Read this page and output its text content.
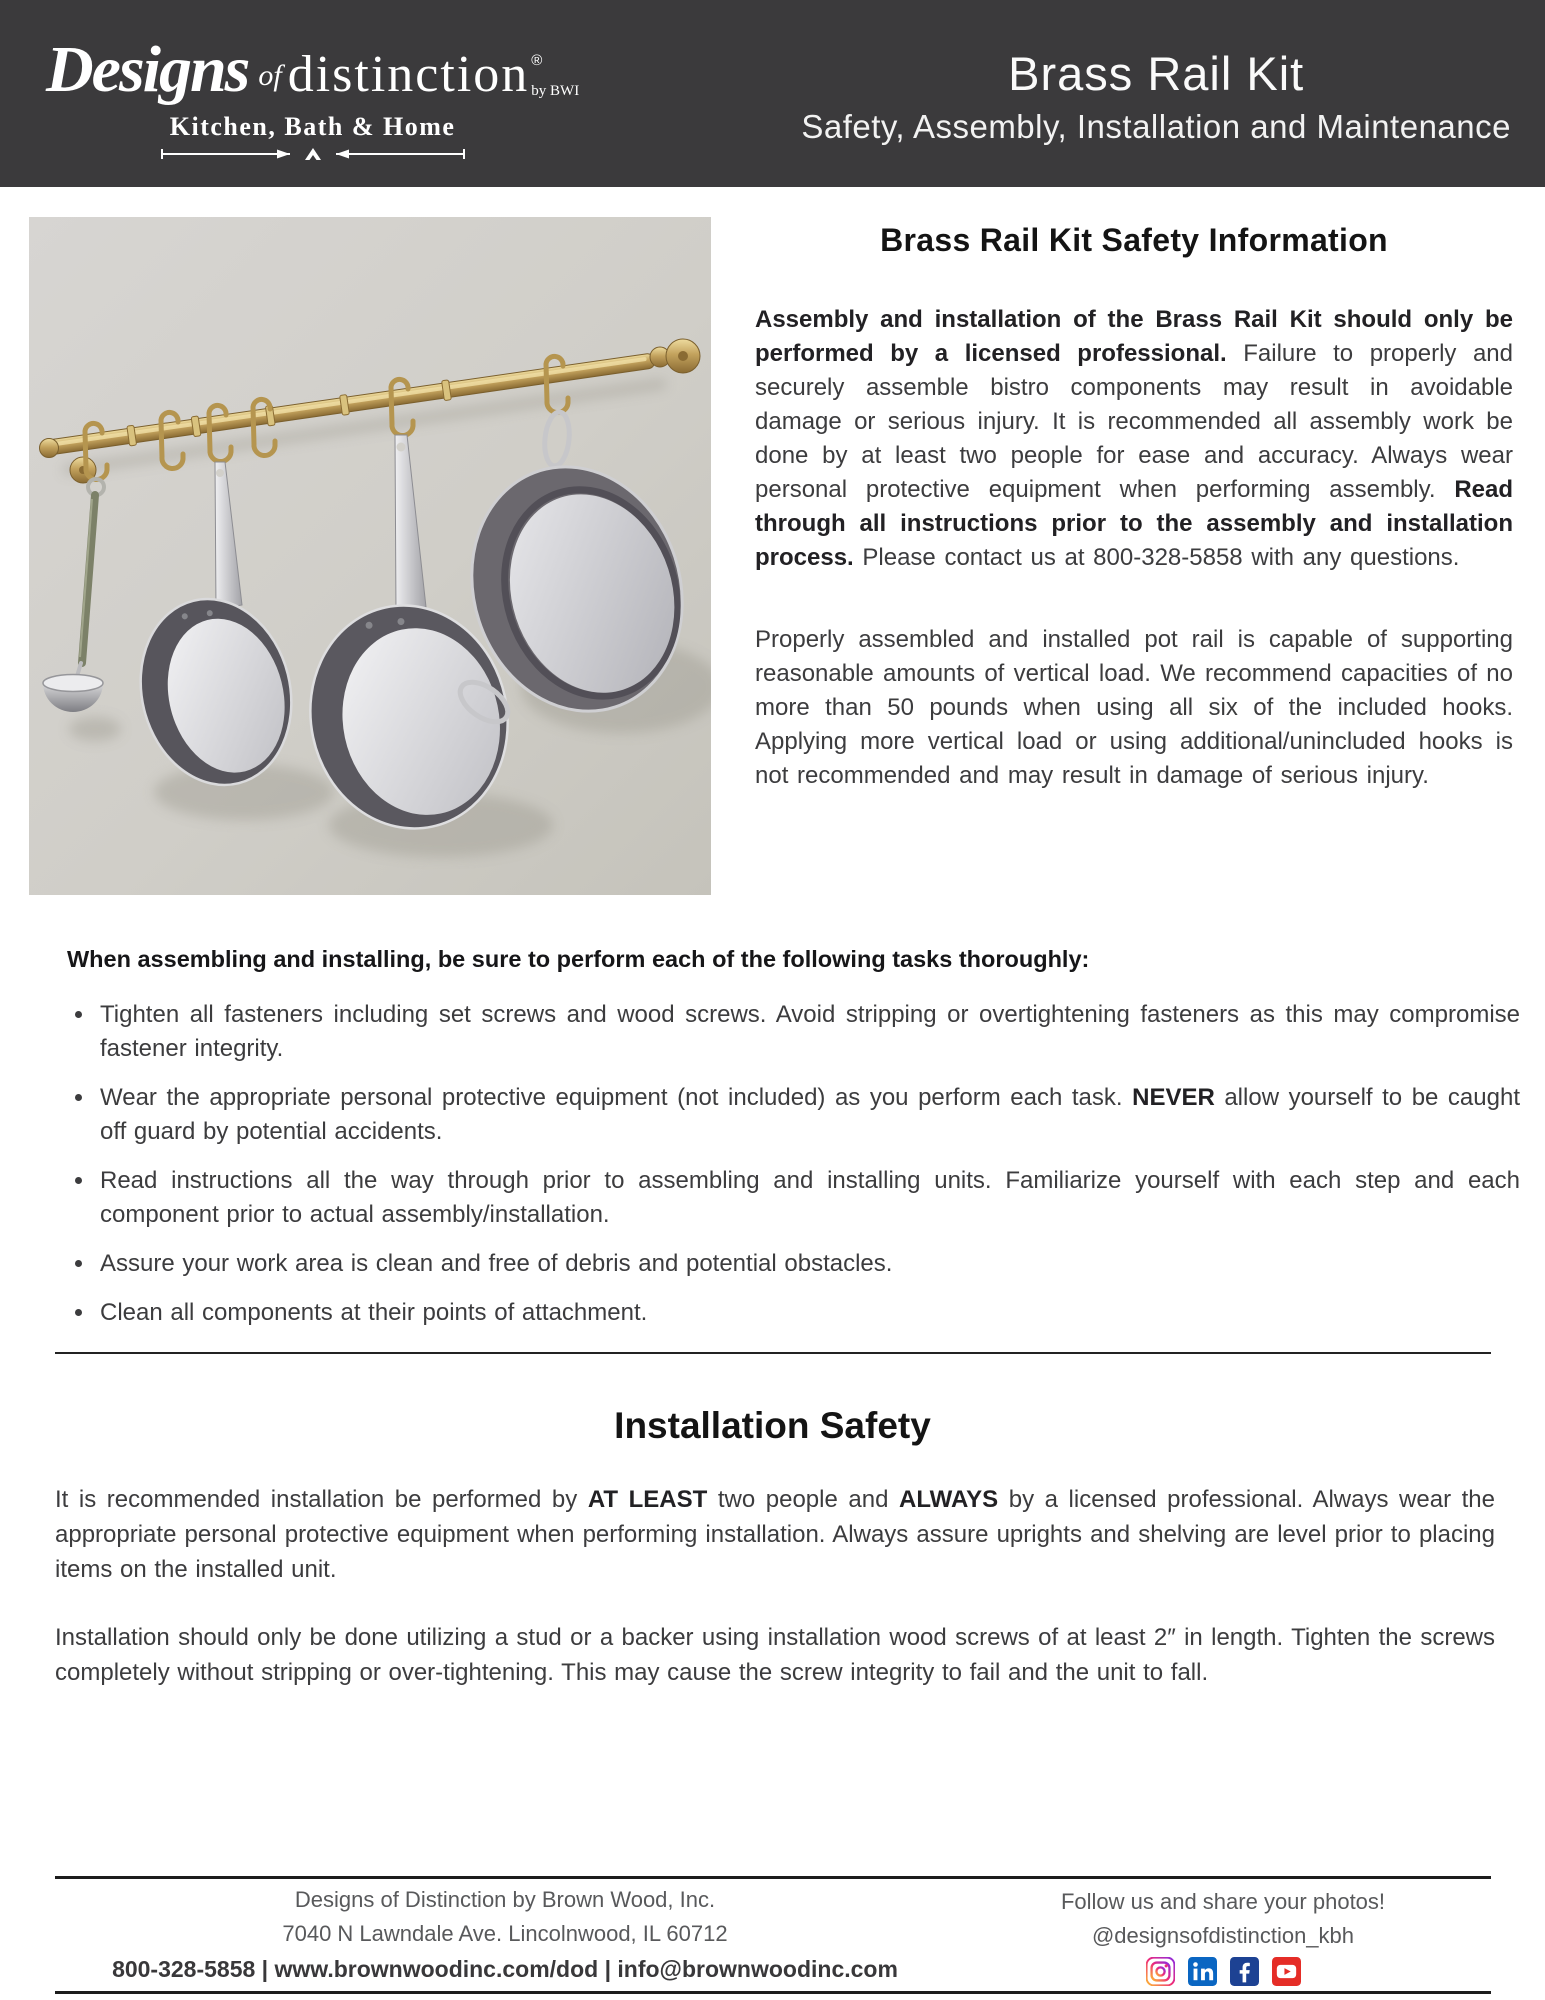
Designs of distinction ®
by BWI
Kitchen, Bath & Home
Brass Rail Kit
Safety, Assembly, Installation and Maintenance
Brass Rail Kit Safety Information

Assembly and installation of the Brass Rail Kit should only be performed by a licensed professional. Failure to properly and securely assemble bistro components may result in avoidable damage or serious injury. It is recommended all assembly work be done by at least two people for ease and accuracy. Always wear personal protective equipment when performing assembly. Read through all instructions prior to the assembly and installation process. Please contact us at 800-328-5858 with any questions.

Properly assembled and installed pot rail is capable of supporting reasonable amounts of vertical load. We recommend capacities of no more than 50 pounds when using all six of the included hooks. Applying more vertical load or using additional/unincluded hooks is not recommended and may result in damage of serious injury.

When assembling and installing, be sure to perform each of the following tasks thoroughly:
• Tighten all fasteners including set screws and wood screws. Avoid stripping or overtightening fasteners as this may compromise fastener integrity.
• Wear the appropriate personal protective equipment (not included) as you perform each task. NEVER allow yourself to be caught off guard by potential accidents.
• Read instructions all the way through prior to assembling and installing units. Familiarize yourself with each step and each component prior to actual assembly/installation.
• Assure your work area is clean and free of debris and potential obstacles.
• Clean all components at their points of attachment.
Installation Safety

It is recommended installation be performed by AT LEAST two people and ALWAYS by a licensed professional. Always wear the appropriate personal protective equipment when performing installation. Always assure uprights and shelving are level prior to placing items on the installed unit.

Installation should only be done utilizing a stud or a backer using installation wood screws of at least 2″ in length. Tighten the screws completely without stripping or over-tightening. This may cause the screw integrity to fail and the unit to fall.

Designs of Distinction by Brown Wood, Inc.
7040 N Lawndale Ave. Lincolnwood, IL 60712
800-328-5858 | www.brownwoodinc.com/dod | info@brownwoodinc.com
Follow us and share your photos!
@designsofdistinction_kbh
